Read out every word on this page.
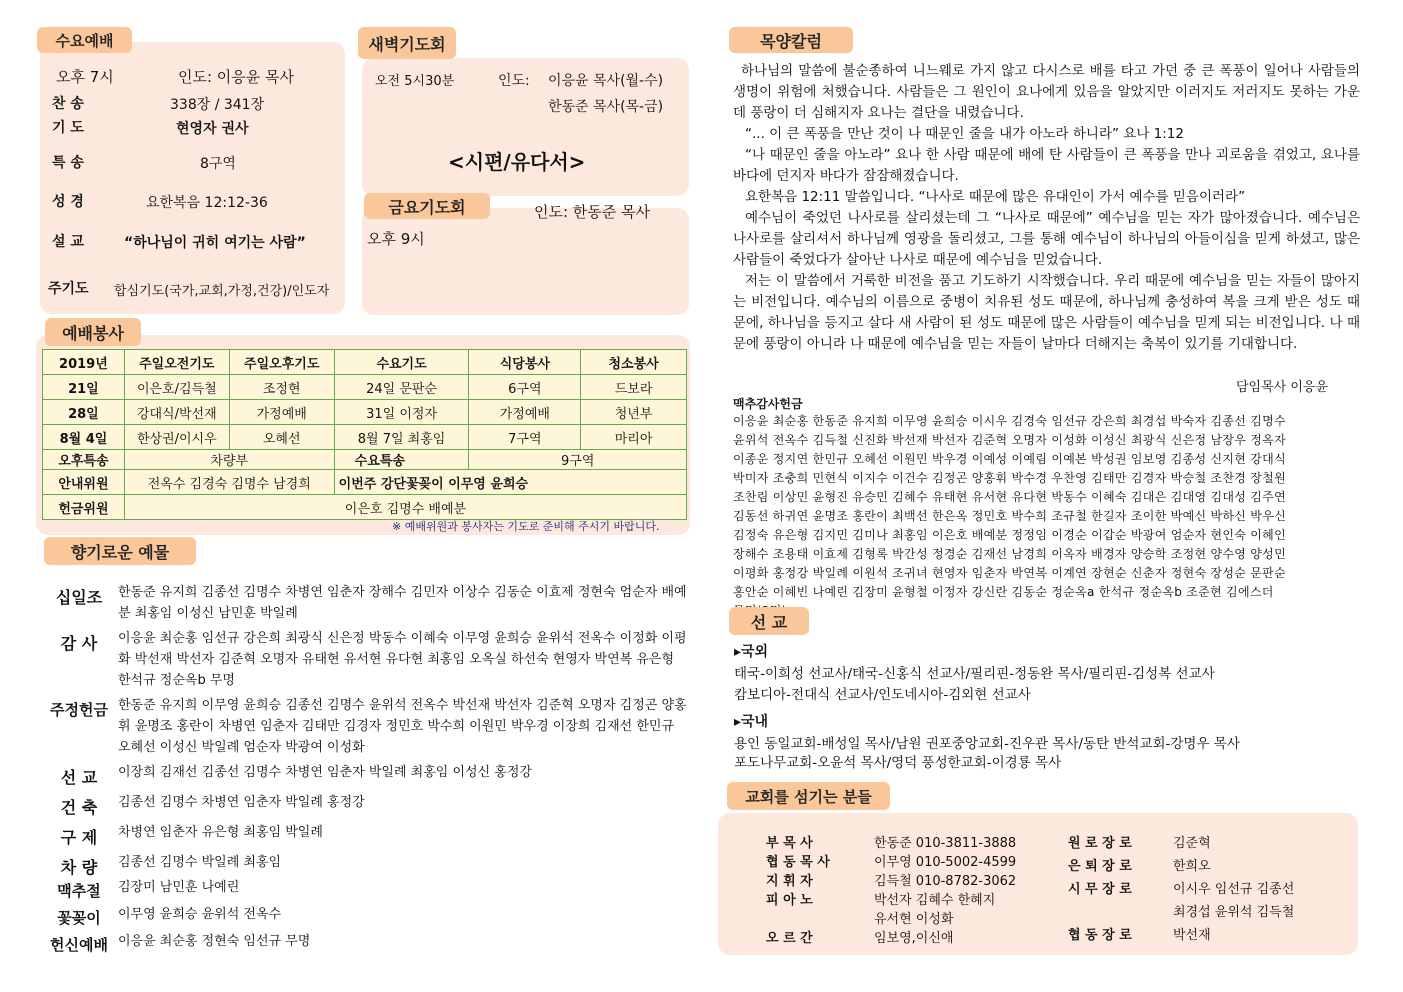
수요예배
오후 7시	인도: 이응윤 목사
찬 송	338장 / 341장
기 도	현영자 권사
특 송	8구역
성 경	요한복음 12:12-36
설 교	“하나님이 귀히 여기는 사람”
주기도 합심기도(국가,교회,가정,건강)/인도자
새벽기도회
오전 5시30분	인도: 이응윤 목사(월-수)
한동준 목사(목-금)
<시편/유다서>
금요기도회	인도: 한동준 목사
오후 9시
예배봉사
2019년	주일오전기도	주일오후기도	수요기도	식당봉사	청소봉사
21일	이은호/김득철	조정현	24일 문판순	6구역	드보라
28일	강대식/박선재	가정예배	31일 이정자	가정예배	청년부
8월 4일	한상권/이시우	오혜선	8월 7일 최홍임	7구역	마리아
오후특송	차량부		수요특송	9구역	
안내위원	전옥수 김경숙 김명수 남경희		이번주 강단꽃꽂이 이무영 윤희승		
헌금위원	이은호 김명수 배예분				
※ 예배위원과 봉사자는 기도로 준비해 주시기 바랍니다.
향기로운 예물
십일조	한동준 유지희 김종선 김명수 차병연 임춘자 장해수 김민자 이상수 김동순 이효제 정현숙 엄순자 배예분 최홍임 이성신 남민훈 박일례
감 사	이응윤 최순홍 임선규 강은희 최광식 신은정 박동수 이혜숙 이무영 윤희승 윤위석 전옥수 이정화 이평화 박선재 박선자 김준혁 오명자 유태현 유서현 유다현 최홍임 오옥실 하선숙 현영자 박연복 유은형 한석규 정순옥b 무명
주정헌금 한동준 유지희 이무영 윤희승 김종선 김명수 윤위석 전옥수 박선재 박선자 김준혁 오명자 김정곤 양홍휘 윤명조 홍란이 차병연 임춘자 김태만 김경자 정민호 박수희 이원민 박우경 이장희 김재선 한민규 오혜선 이성신 박일례 엄순자 박광여 이성화
선 교	이장희 김재선 김종선 김명수 차병연 임춘자 박일례 최홍임 이성신 홍정강
건 축	김종선 김명수 차병연 임춘자 박일례 홍정강
구 제	차병연 임춘자 유은형 최홍임 박일례
차 량	김종선 김명수 박일례 최홍임
맥추절	김장미 남민훈 나예린
꽃꽂이	이무영 윤희승 윤위석 전옥수
헌신예배 이응윤 최순홍 정현숙 임선규 무명
목양칼럼

하나님의 말씀에 불순종하여 니느웨로 가지 않고 다시스로 배를 타고 가던 중 큰 폭풍이 일어나 사람들의 생명이 위험에 처했습니다. 사람들은 그 원인이 요나에게 있음을 알았지만 이러지도 저러지도 못하는 가운데 풍랑이 더 심해지자 요나는 결단을 내렸습니다.

“... 이 큰 폭풍을 만난 것이 나 때문인 줄을 내가 아노라 하니라” 요나 1:12

“나 때문인 줄을 아노라” 요나 한 사람 때문에 배에 탄 사람들이 큰 폭풍을 만나 괴로움을 겪었고, 요나를 바다에 던지자 바다가 잠잠해졌습니다.

요한복음 12:11 말씀입니다. “나사로 때문에 많은 유대인이 가서 예수를 믿음이러라”

예수님이 죽었던 나사로를 살리셨는데 그 “나사로 때문에” 예수님을 믿는 자가 많아졌습니다. 예수님은 나사로를 살리셔서 하나님께 영광을 돌리셨고, 그를 통해 예수님이 하나님의 아들이심을 믿게 하셨고, 많은 사람들이 죽었다가 살아난 나사로 때문에 예수님을 믿었습니다.

저는 이 말씀에서 거룩한 비전을 품고 기도하기 시작했습니다. 우리 때문에 예수님을 믿는 자들이 많아지는 비전입니다. 예수님의 이름으로 중병이 치유된 성도 때문에, 하나님께 충성하여 복을 크게 받은 성도 때문에, 하나님을 등지고 살다 새 사람이 된 성도 때문에 많은 사람들이 예수님을 믿게 되는 비전입니다. 나 때문에 풍랑이 아니라 나 때문에 예수님을 믿는 자들이 날마다 더해지는 축복이 있기를 기대합니다.

담임목사 이응윤
맥추감사헌금
이응윤 최순홍 한동준 유지희 이무영 윤희승 이시우 김경숙 임선규 강은희 최경섭 박숙자 김종선 김명수
윤위석 전옥수 김득철 신진화 박선재 박선자 김준혁 오명자 이성화 이성신 최광식 신은정 남장우 정옥자
이종운 정지연 한민규 오혜선 이원민 박우경 이예성 이예림 이예본 박성권 임보영 김종성 신지현 강대식
박미자 조충희 민현식 이지수 이건수 김정곤 양홍휘 박수경 우찬영 김태만 김경자 박승철 조찬경 장철원
조찬림 이상민 윤형진 유승민 김혜수 유태현 유서현 유다현 박동수 이혜숙 김대은 김대영 김대성 김주연
김동선 하귀연 윤명조 홍란이 최백선 한은옥 정민호 박수희 조규철 한길자 조이한 박예신 박하신 박우신
김정숙 유은형 김지민 김미나 최홍임 이은호 배예분 정정임 이경순 이갑순 박광여 엄순자 현인숙 이혜인
장해수 조용태 이효제 김형록 박간성 정경순 김재선 남경희 이옥자 배경자 양승학 조정현 양수영 양성민
이평화 홍정강 박일례 이원석 조귀녀 현영자 임춘자 박연복 이계연 장현순 신춘자 정현숙 장성순 문판순
홍안순 이혜빈 나예린 김장미 윤형철 이정자 강신란 김동순 정순옥a 한석규 정순옥b 조준현 김에스더
선 교
▸국외
태국-이희성 선교사/태국-신홍식 선교사/필리핀-정동완 목사/필리핀-김성복 선교사
캄보디아-전대식 선교사/인도네시아-김외현 선교사
▸국내
용인 동일교회-배성일 목사/남원 권포중앙교회-진우관 목사/동탄 반석교회-강명우 목사
포도나무교회-오윤석 목사/영덕 풍성한교회-이경룡 목사
교회를 섬기는 분들
부 목 사	한동준 010-3811-3888
협 동 목 사	이무영 010-5002-4599
지 휘 자	김득철 010-8782-3062
피 아 노	박선자 김혜수 한혜지
유서현 이성화
오 르 간	임보영,이신애
원 로 장 로	김준혁
은 퇴 장 로	한희오
시 무 장 로	이시우 임선규 김종선
최경섭 윤위석 김득철
협 동 장 로	박선재
